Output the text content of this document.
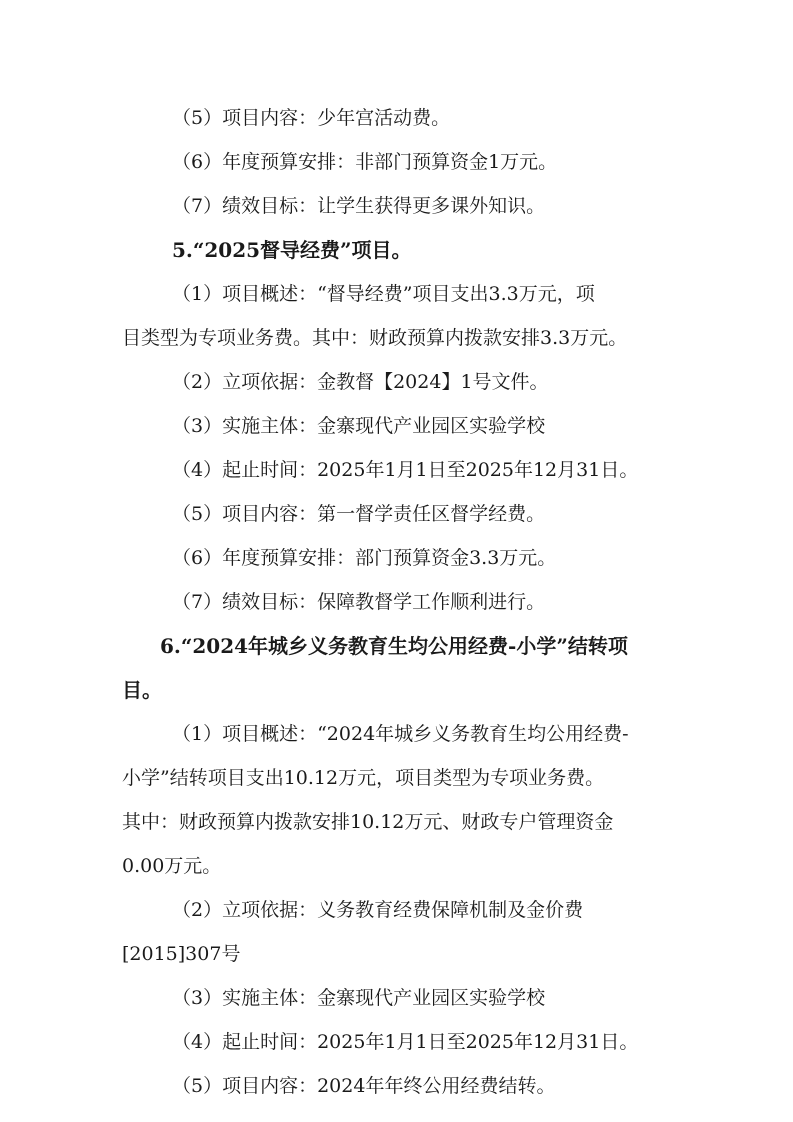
（5）项目内容：少年宫活动费。
（6）年度预算安排：非部门预算资金1万元。
（7）绩效目标：让学生获得更多课外知识。
5.“2025督导经费”项目。
（1）项目概述：“督导经费”项目支出3.3万元，项
目类型为专项业务费。其中：财政预算内拨款安排3.3万元。
（2）立项依据：金教督【2024】1号文件。
（3）实施主体：金寨现代产业园区实验学校
（4）起止时间：2025年1月1日至2025年12月31日。
（5）项目内容：第一督学责任区督学经费。
（6）年度预算安排：部门预算资金3.3万元。
（7）绩效目标：保障教督学工作顺利进行。
6.“2024年城乡义务教育生均公用经费-小学”结转项
目。
（1）项目概述：“2024年城乡义务教育生均公用经费-
小学”结转项目支出10.12万元，项目类型为专项业务费。
其中：财政预算内拨款安排10.12万元、财政专户管理资金
0.00万元。
（2）立项依据：义务教育经费保障机制及金价费
[2015]307号
（3）实施主体：金寨现代产业园区实验学校
（4）起止时间：2025年1月1日至2025年12月31日。
（5）项目内容：2024年年终公用经费结转。
